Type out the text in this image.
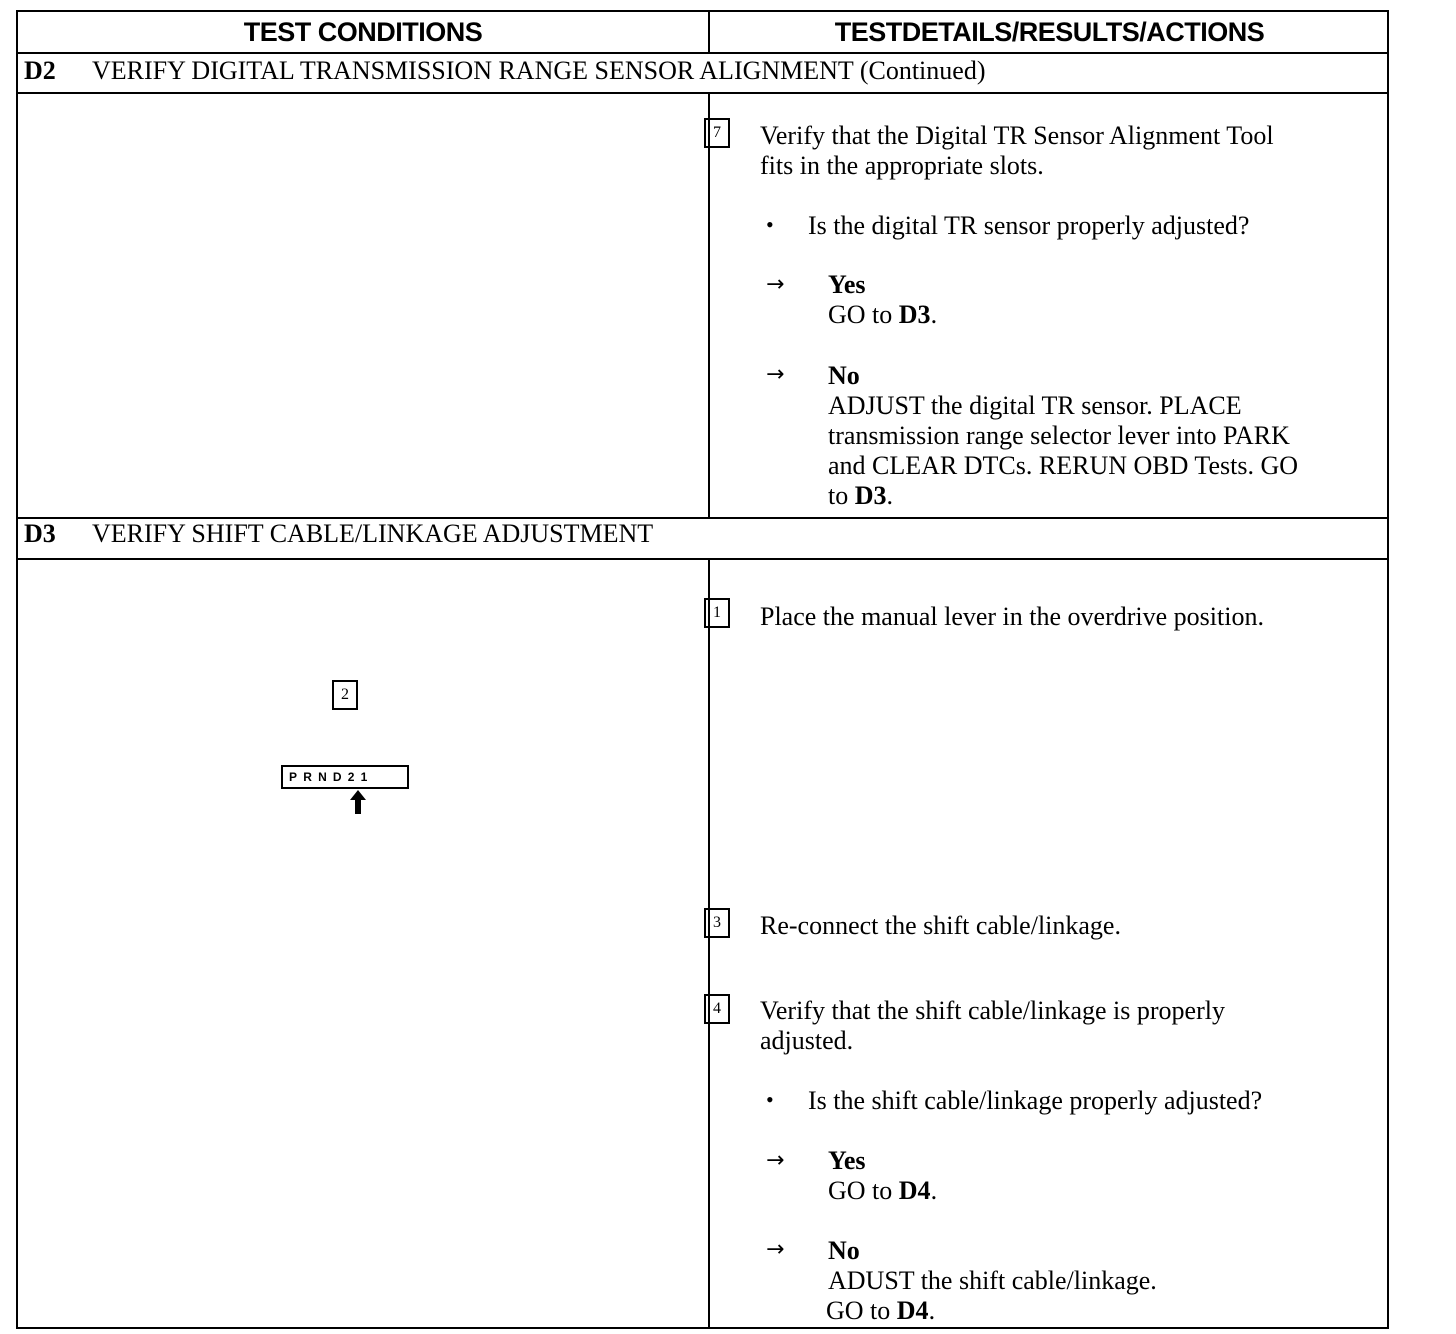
TEST CONDITIONS	TESTDETAILS/RESULTS/ACTIONS
D2 VERIFY DIGITAL TRANSMISSION RANGE SENSOR ALIGNMENT (Continued)
7	Verify that the Digital TR Sensor Alignment Tool
fits in the appropriate slots.
• Is the digital TR sensor properly adjusted?
→ Yes
GO to D3.
→ No
ADJUST the digital TR sensor. PLACE
transmission range selector lever into PARK
and CLEAR DTCs. RERUN OBD Tests. GO
to D3.
D3 VERIFY SHIFT CABLE/LINKAGE ADJUSTMENT
2
PRND21
1	Place the manual lever in the overdrive position.
3	Re-connect the shift cable/linkage.
4	Verify that the shift cable/linkage is properly
adjusted.
• Is the shift cable/linkage properly adjusted?
→ Yes
GO to D4.
→ No
ADUST the shift cable/linkage.
GO to D4.
